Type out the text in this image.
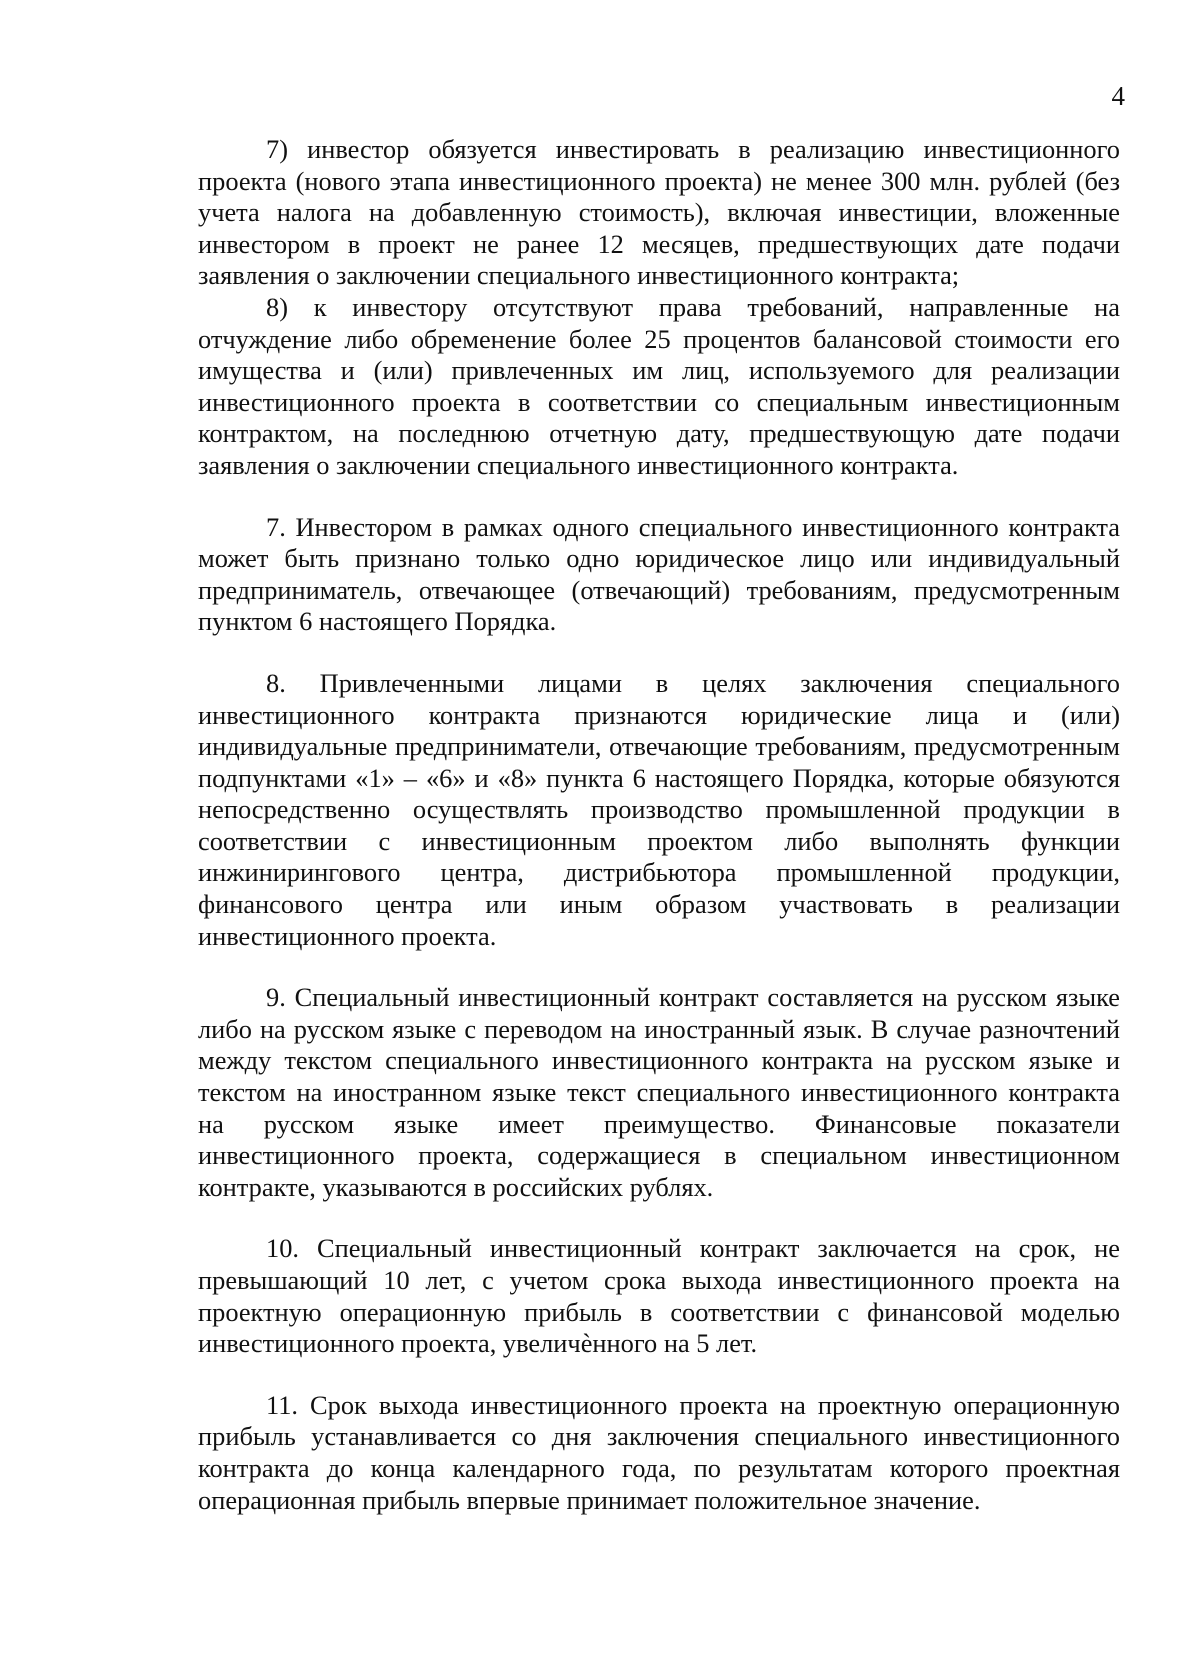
4

7) инвестор обязуется инвестировать в реализацию инвестиционного проекта (нового этапа инвестиционного проекта) не менее 300 млн. рублей (без учета налога на добавленную стоимость), включая инвестиции, вложенные инвестором в проект не ранее 12 месяцев, предшествующих дате подачи заявления о заключении специального инвестиционного контракта;

8) к инвестору отсутствуют права требований, направленные на отчуждение либо обременение более 25 процентов балансовой стоимости его имущества и (или) привлеченных им лиц, используемого для реализации инвестиционного проекта в соответствии со специальным инвестиционным контрактом, на последнюю отчетную дату, предшествующую дате подачи заявления о заключении специального инвестиционного контракта.

7. Инвестором в рамках одного специального инвестиционного контракта может быть признано только одно юридическое лицо или индивидуальный предприниматель, отвечающее (отвечающий) требованиям, предусмотренным пунктом 6 настоящего Порядка.

8. Привлеченными лицами в целях заключения специального инвестиционного контракта признаются юридические лица и (или) индивидуальные предприниматели, отвечающие требованиям, предусмотренным подпунктами «1» – «6» и «8» пункта 6 настоящего Порядка, которые обязуются непосредственно осуществлять производство промышленной продукции в соответствии с инвестиционным проектом либо выполнять функции инжинирингового центра, дистрибьютора промышленной продукции, финансового центра или иным образом участвовать в реализации инвестиционного проекта.

9. Специальный инвестиционный контракт составляется на русском языке либо на русском языке с переводом на иностранный язык. В случае разночтений между текстом специального инвестиционного контракта на русском языке и текстом на иностранном языке текст специального инвестиционного контракта на русском языке имеет преимущество. Финансовые показатели инвестиционного проекта, содержащиеся в специальном инвестиционном контракте, указываются в российских рублях.

10. Специальный инвестиционный контракт заключается на срок, не превышающий 10 лет, с учетом срока выхода инвестиционного проекта на проектную операционную прибыль в соответствии с финансовой моделью инвестиционного проекта, увеличѐнного на 5 лет.

11. Срок выхода инвестиционного проекта на проектную операционную прибыль устанавливается со дня заключения специального инвестиционного контракта до конца календарного года, по результатам которого проектная операционная прибыль впервые принимает положительное значение.
